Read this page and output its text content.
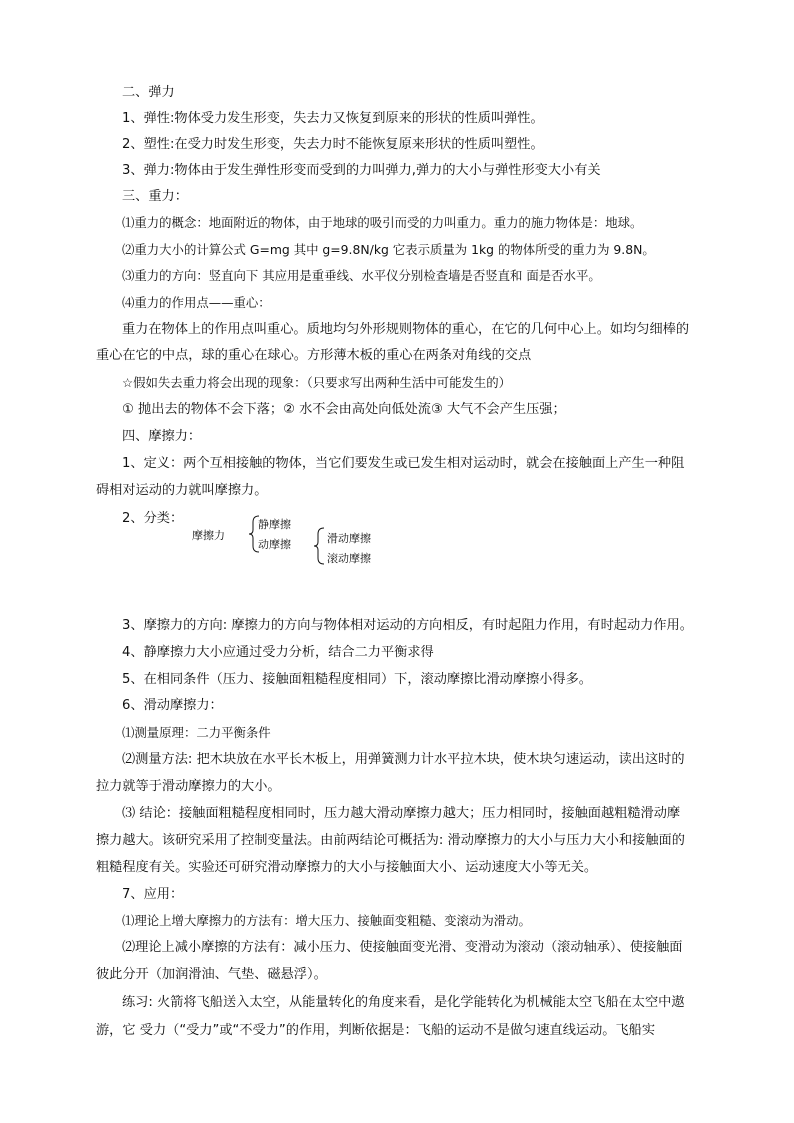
二、弹力
1、弹性:物体受力发生形变，失去力又恢复到原来的形状的性质叫弹性。
2、塑性:在受力时发生形变，失去力时不能恢复原来形状的性质叫塑性。
3、弹力:物体由于发生弹性形变而受到的力叫弹力,弹力的大小与弹性形变大小有关
三、重力：
⑴重力的概念：地面附近的物体，由于地球的吸引而受的力叫重力。重力的施力物体是：地球。
⑵重力大小的计算公式 G=mg 其中 g=9.8N/kg 它表示质量为 1kg 的物体所受的重力为 9.8N。
⑶重力的方向：竖直向下 其应用是重垂线、水平仪分别检查墙是否竖直和 面是否水平。
⑷重力的作用点——重心：
重力在物体上的作用点叫重心。质地均匀外形规则物体的重心，在它的几何中心上。如均匀细棒的
重心在它的中点，球的重心在球心。方形薄木板的重心在两条对角线的交点
☆假如失去重力将会出现的现象：（只要求写出两种生活中可能发生的）
① 抛出去的物体不会下落；② 水不会由高处向低处流③ 大气不会产生压强；
四、摩擦力：
1、定义：两个互相接触的物体，当它们要发生或已发生相对运动时，就会在接触面上产生一种阻
碍相对运动的力就叫摩擦力。
2、分类：
摩擦力
静摩擦
动摩擦	滑动摩擦
滚动摩擦
3、摩擦力的方向: 摩擦力的方向与物体相对运动的方向相反，有时起阻力作用，有时起动力作用。
4、静摩擦力大小应通过受力分析，结合二力平衡求得
5、在相同条件（压力、接触面粗糙程度相同）下，滚动摩擦比滑动摩擦小得多。
6、滑动摩擦力：
⑴测量原理：二力平衡条件
⑵测量方法: 把木块放在水平长木板上，用弹簧测力计水平拉木块，使木块匀速运动，读出这时的
拉力就等于滑动摩擦力的大小。
⑶ 结论：接触面粗糙程度相同时，压力越大滑动摩擦力越大；压力相同时，接触面越粗糙滑动摩
擦力越大。该研究采用了控制变量法。由前两结论可概括为: 滑动摩擦力的大小与压力大小和接触面的
粗糙程度有关。实验还可研究滑动摩擦力的大小与接触面大小、运动速度大小等无关。
7、应用：
⑴理论上增大摩擦力的方法有：增大压力、接触面变粗糙、变滚动为滑动。
⑵理论上减小摩擦的方法有：减小压力、使接触面变光滑、变滑动为滚动（滚动轴承）、使接触面
彼此分开（加润滑油、气垫、磁悬浮）。
练习: 火箭将飞船送入太空，从能量转化的角度来看，是化学能转化为机械能太空飞船在太空中遨
游，它 受力（“受力”或“不受力”的作用，判断依据是：飞船的运动不是做匀速直线运动。飞船实
